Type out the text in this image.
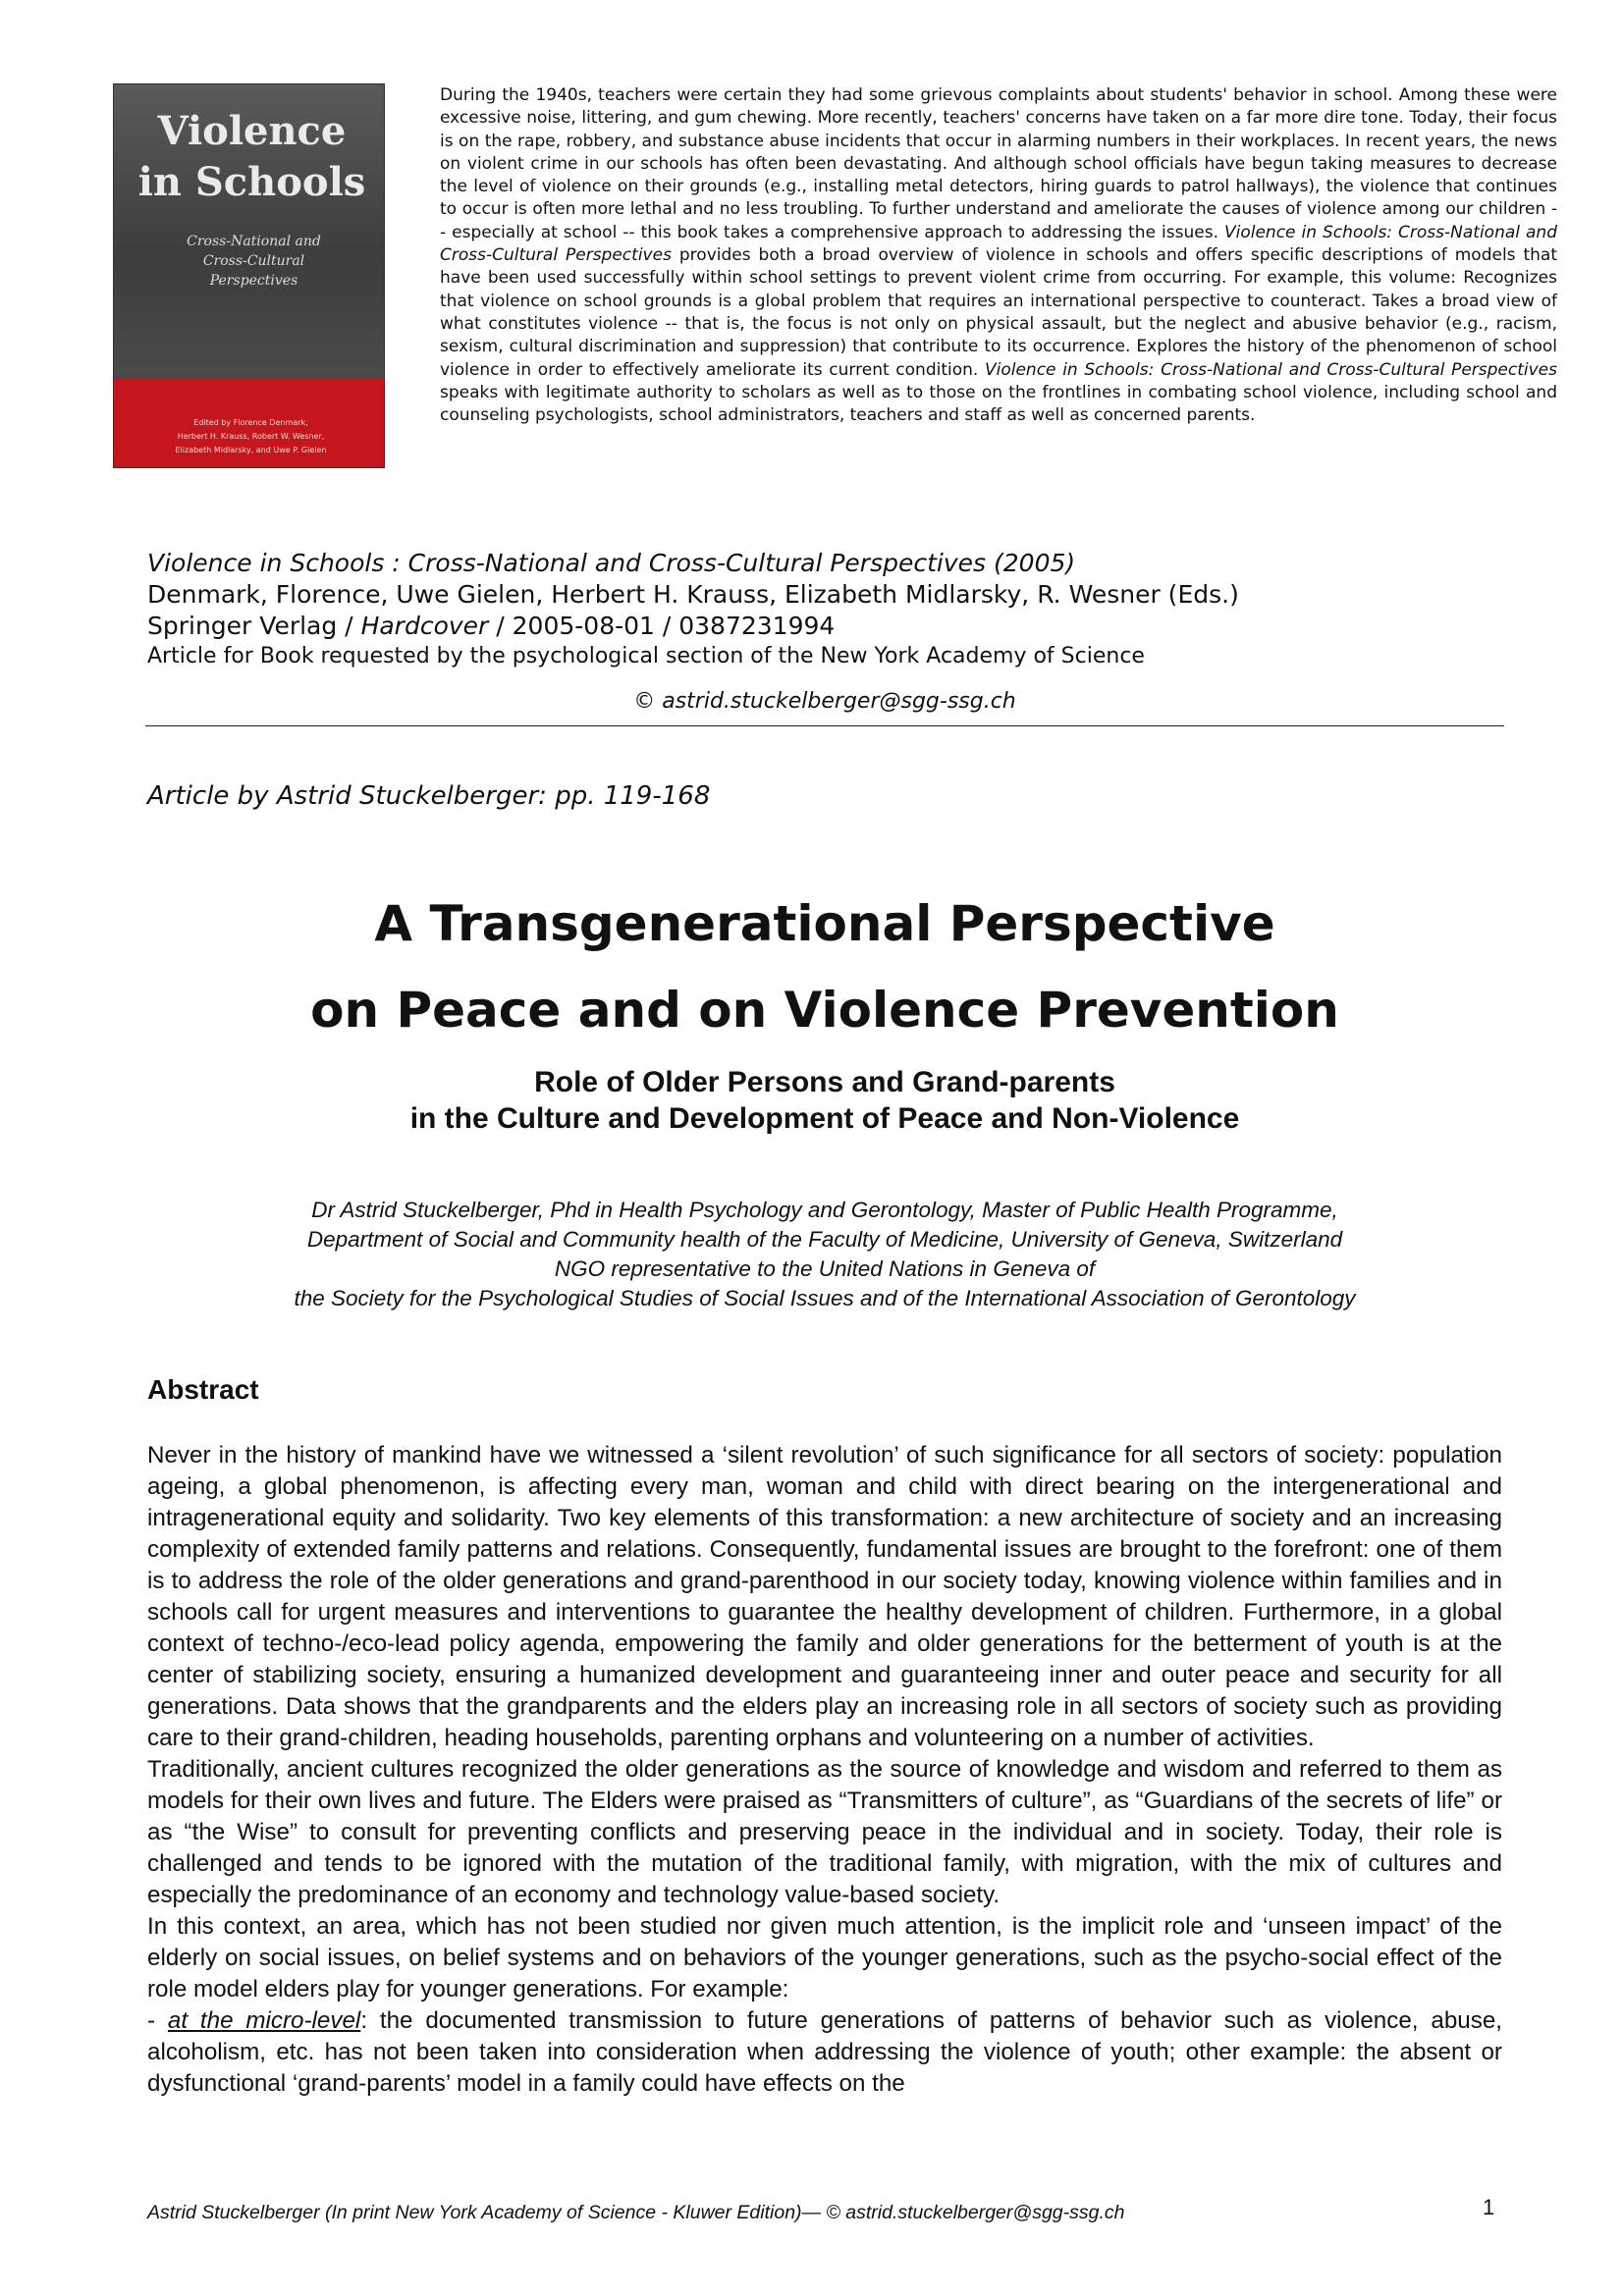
Violence
in Schools
Cross-National and
Cross-Cultural
Perspectives
Edited by Florence Denmark,
Herbert H. Krauss, Robert W. Wesner,
Elizabeth Midlarsky, and Uwe P. Gielen

During the 1940s, teachers were certain they had some grievous complaints about students' behavior in school. Among these were excessive noise, littering, and gum chewing. More recently, teachers' concerns have taken on a far more dire tone. Today, their focus is on the rape, robbery, and substance abuse incidents that occur in alarming numbers in their workplaces. In recent years, the news on violent crime in our schools has often been devastating. And although school officials have begun taking measures to decrease the level of violence on their grounds (e.g., installing metal detectors, hiring guards to patrol hallways), the violence that continues to occur is often more lethal and no less troubling. To further understand and ameliorate the causes of violence among our children -- especially at school -- this book takes a comprehensive approach to addressing the issues. Violence in Schools: Cross-National and Cross-Cultural Perspectives provides both a broad overview of violence in schools and offers specific descriptions of models that have been used successfully within school settings to prevent violent crime from occurring. For example, this volume: Recognizes that violence on school grounds is a global problem that requires an international perspective to counteract. Takes a broad view of what constitutes violence -- that is, the focus is not only on physical assault, but the neglect and abusive behavior (e.g., racism, sexism, cultural discrimination and suppression) that contribute to its occurrence. Explores the history of the phenomenon of school violence in order to effectively ameliorate its current condition. Violence in Schools: Cross-National and Cross-Cultural Perspectives speaks with legitimate authority to scholars as well as to those on the frontlines in combating school violence, including school and counseling psychologists, school administrators, teachers and staff as well as concerned parents.

Violence in Schools : Cross-National and Cross-Cultural Perspectives (2005)

Denmark, Florence, Uwe Gielen, Herbert H. Krauss, Elizabeth Midlarsky, R. Wesner (Eds.)

Springer Verlag / Hardcover / 2005-08-01 / 0387231994

Article for Book requested by the psychological section of the New York Academy of Science

© astrid.stuckelberger@sgg-ssg.ch

Article by Astrid Stuckelberger: pp. 119-168

A Transgenerational Perspective
on Peace and on Violence Prevention
Role of Older Persons and Grand-parents
in the Culture and Development of Peace and Non-Violence
Dr Astrid Stuckelberger, Phd in Health Psychology and Gerontology, Master of Public Health Programme,
Department of Social and Community health of the Faculty of Medicine, University of Geneva, Switzerland
NGO representative to the United Nations in Geneva of
the Society for the Psychological Studies of Social Issues and of the International Association of Gerontology
Abstract

Never in the history of mankind have we witnessed a ‘silent revolution’ of such significance for all sectors of society: population ageing, a global phenomenon, is affecting every man, woman and child with direct bearing on the intergenerational and intragenerational equity and solidarity. Two key elements of this transformation: a new architecture of society and an increasing complexity of extended family patterns and relations. Consequently, fundamental issues are brought to the forefront: one of them is to address the role of the older generations and grand-parenthood in our society today, knowing violence within families and in schools call for urgent measures and interventions to guarantee the healthy development of children. Furthermore, in a global context of techno-/eco-lead policy agenda, empowering the family and older generations for the betterment of youth is at the center of stabilizing society, ensuring a humanized development and guaranteeing inner and outer peace and security for all generations. Data shows that the grandparents and the elders play an increasing role in all sectors of society such as providing care to their grand-children, heading households, parenting orphans and volunteering on a number of activities.

Traditionally, ancient cultures recognized the older generations as the source of knowledge and wisdom and referred to them as models for their own lives and future. The Elders were praised as “Transmitters of culture”, as “Guardians of the secrets of life” or as “the Wise” to consult for preventing conflicts and preserving peace in the individual and in society. Today, their role is challenged and tends to be ignored with the mutation of the traditional family, with migration, with the mix of cultures and especially the predominance of an economy and technology value-based society.

In this context, an area, which has not been studied nor given much attention, is the implicit role and ‘unseen impact’ of the elderly on social issues, on belief systems and on behaviors of the younger generations, such as the psycho-social effect of the role model elders play for younger generations. For example:

- at the micro-level: the documented transmission to future generations of patterns of behavior such as violence, abuse, alcoholism, etc. has not been taken into consideration when addressing the violence of youth; other example: the absent or dysfunctional ‘grand-parents’ model in a family could have effects on the

Astrid Stuckelberger (In print New York Academy of Science - Kluwer Edition)— © astrid.stuckelberger@sgg-ssg.ch	1
